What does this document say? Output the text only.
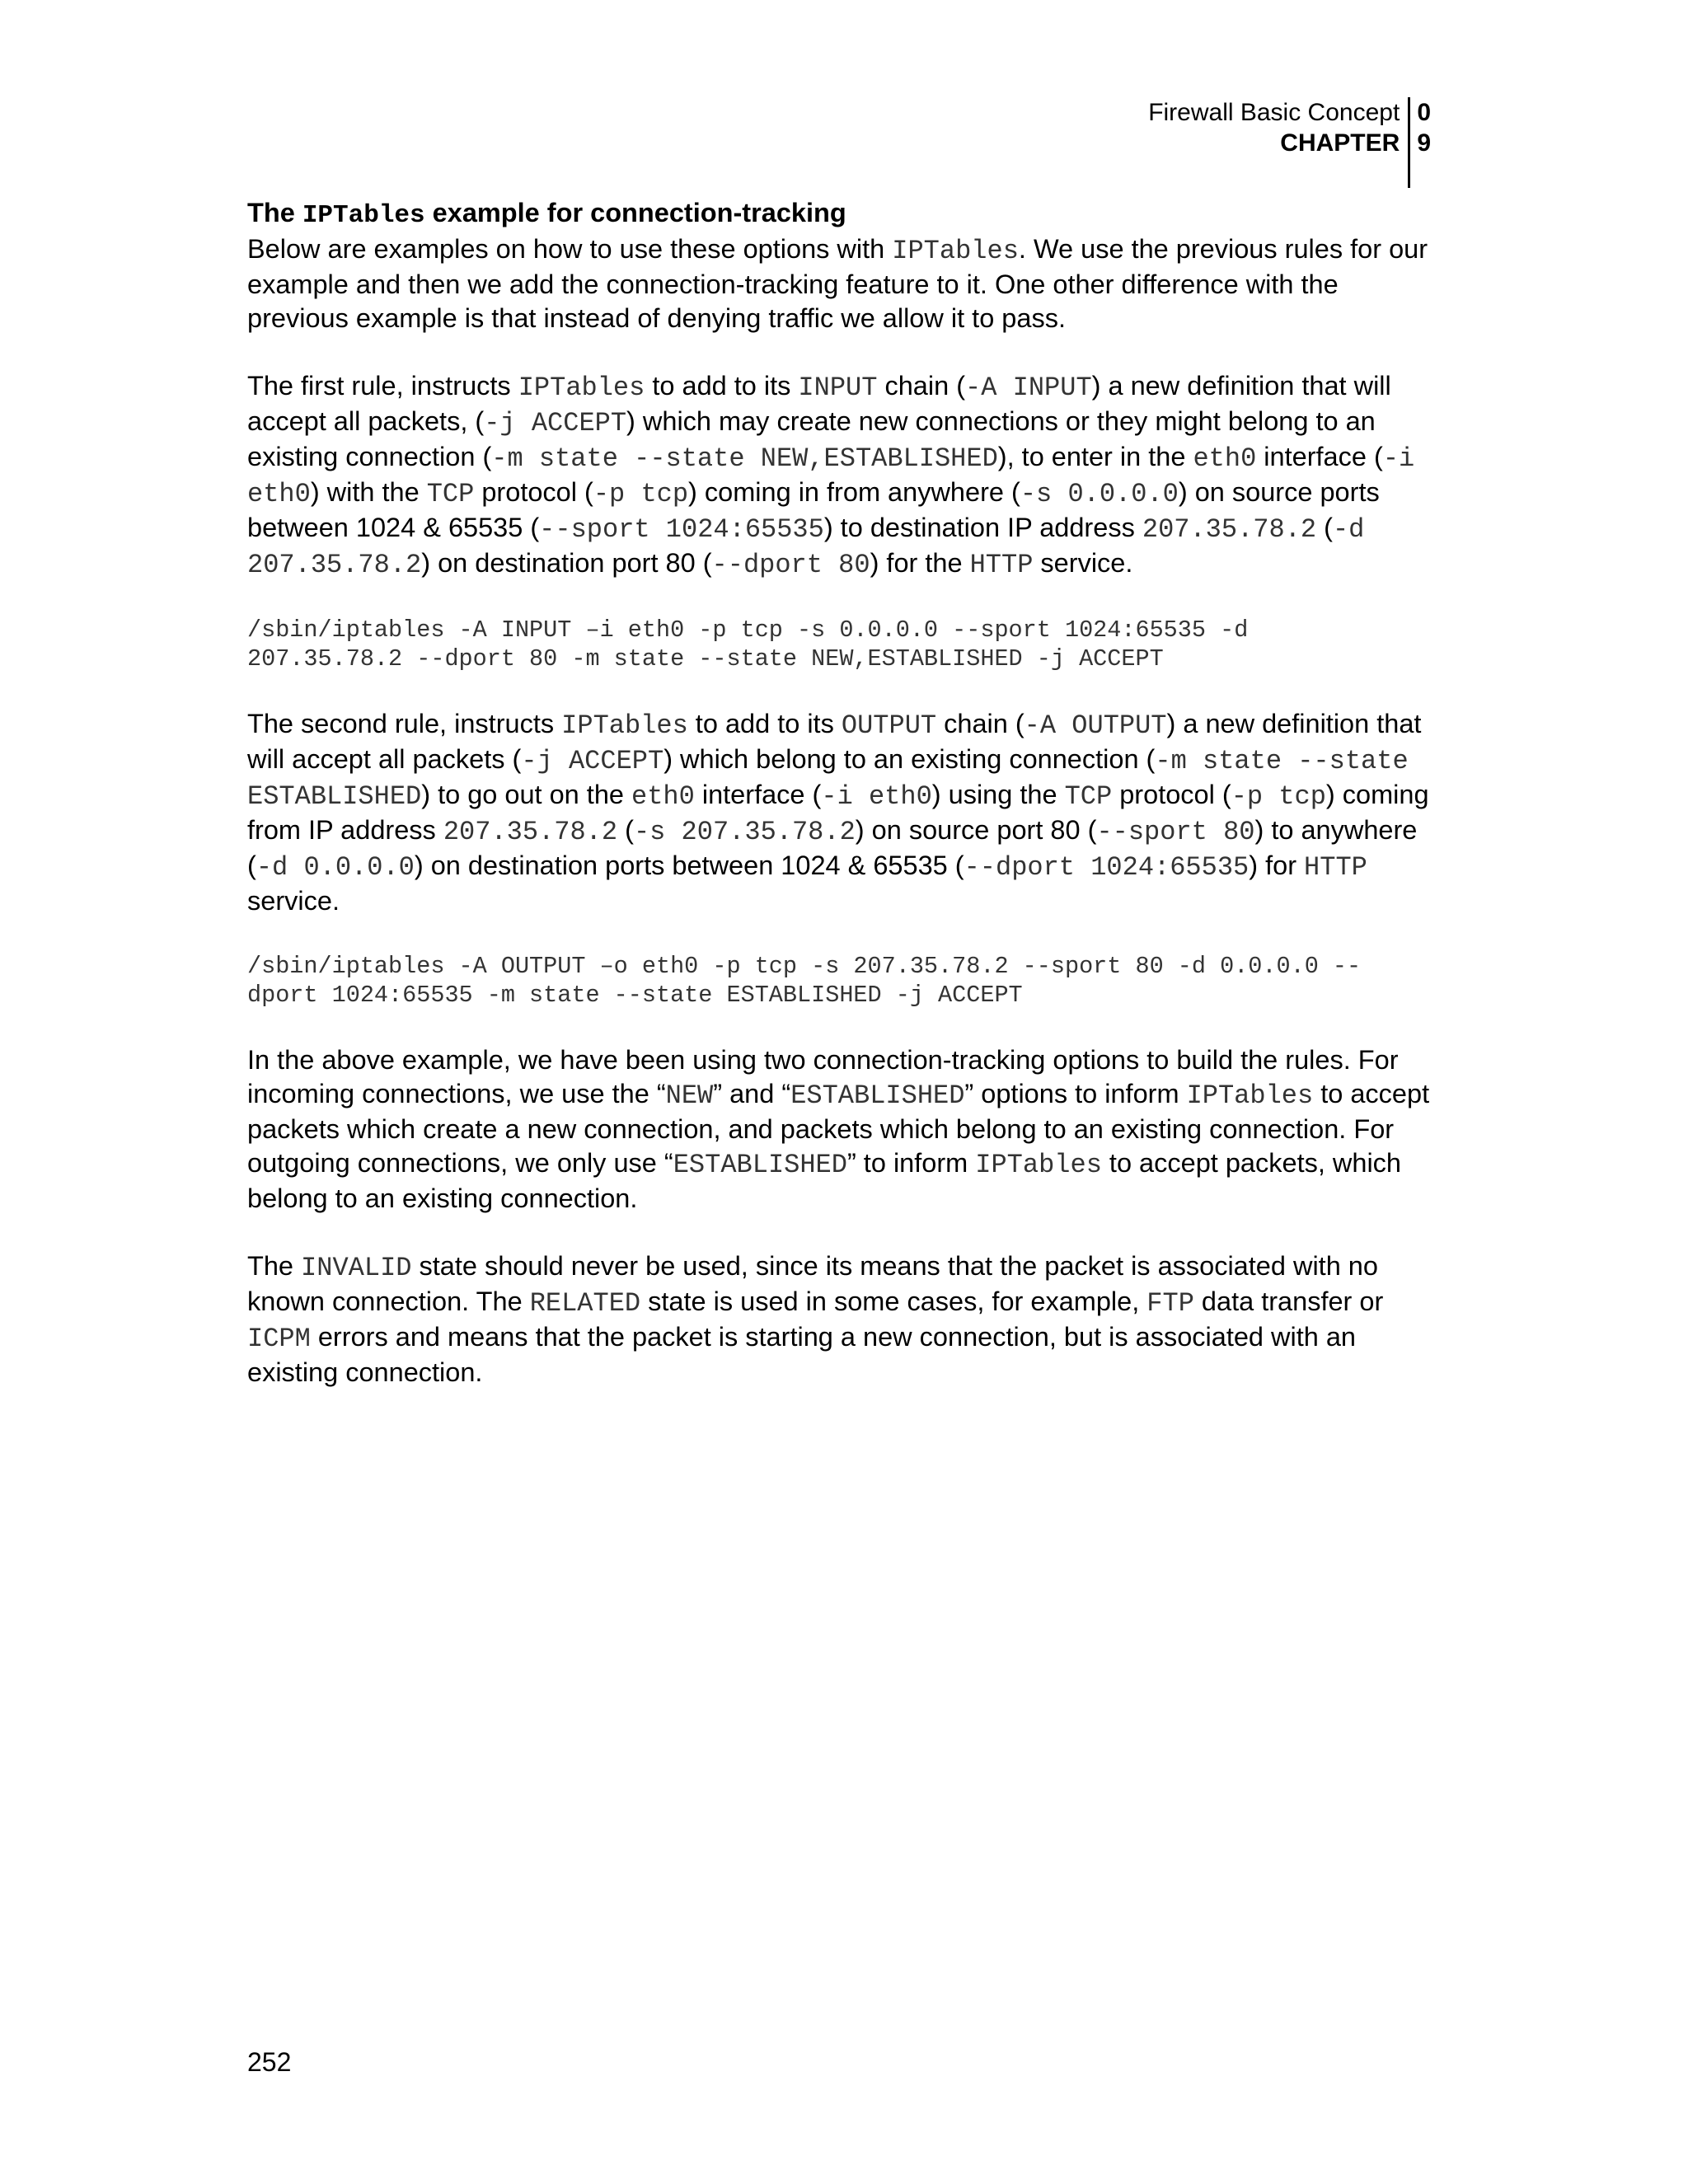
Firewall Basic Concept
CHAPTER
0
9
The IPTables example for connection-tracking

Below are examples on how to use these options with IPTables. We use the previous rules for our example and then we add the connection-tracking feature to it. One other difference with the previous example is that instead of denying traffic we allow it to pass.

The first rule, instructs IPTables to add to its INPUT chain (-A INPUT) a new definition that will accept all packets, (-j ACCEPT) which may create new connections or they might belong to an existing connection (-m state --state NEW,ESTABLISHED), to enter in the eth0 interface (-i eth0) with the TCP protocol (-p tcp) coming in from anywhere (-s 0.0.0.0) on source ports between 1024 & 65535 (--sport 1024:65535) to destination IP address 207.35.78.2 (-d 207.35.78.2) on destination port 80 (--dport 80) for the HTTP service.

/sbin/iptables -A INPUT –i eth0 -p tcp -s 0.0.0.0 --sport 1024:65535 -d
207.35.78.2 --dport 80 -m state --state NEW,ESTABLISHED -j ACCEPT

The second rule, instructs IPTables to add to its OUTPUT chain (-A OUTPUT) a new definition that will accept all packets (-j ACCEPT) which belong to an existing connection (-m state --state ESTABLISHED) to go out on the eth0 interface (-i eth0) using the TCP protocol (-p tcp) coming from IP address 207.35.78.2 (-s 207.35.78.2) on source port 80 (--sport 80) to anywhere (-d 0.0.0.0) on destination ports between 1024 & 65535 (--dport 1024:65535) for HTTP service.

/sbin/iptables -A OUTPUT –o eth0 -p tcp -s 207.35.78.2 --sport 80 -d 0.0.0.0 --
dport 1024:65535 -m state --state ESTABLISHED -j ACCEPT

In the above example, we have been using two connection-tracking options to build the rules. For incoming connections, we use the “NEW” and “ESTABLISHED” options to inform IPTables to accept packets which create a new connection, and packets which belong to an existing connection. For outgoing connections, we only use “ESTABLISHED” to inform IPTables to accept packets, which belong to an existing connection.

The INVALID state should never be used, since its means that the packet is associated with no known connection. The RELATED state is used in some cases, for example, FTP data transfer or ICPM errors and means that the packet is starting a new connection, but is associated with an existing connection.

252
